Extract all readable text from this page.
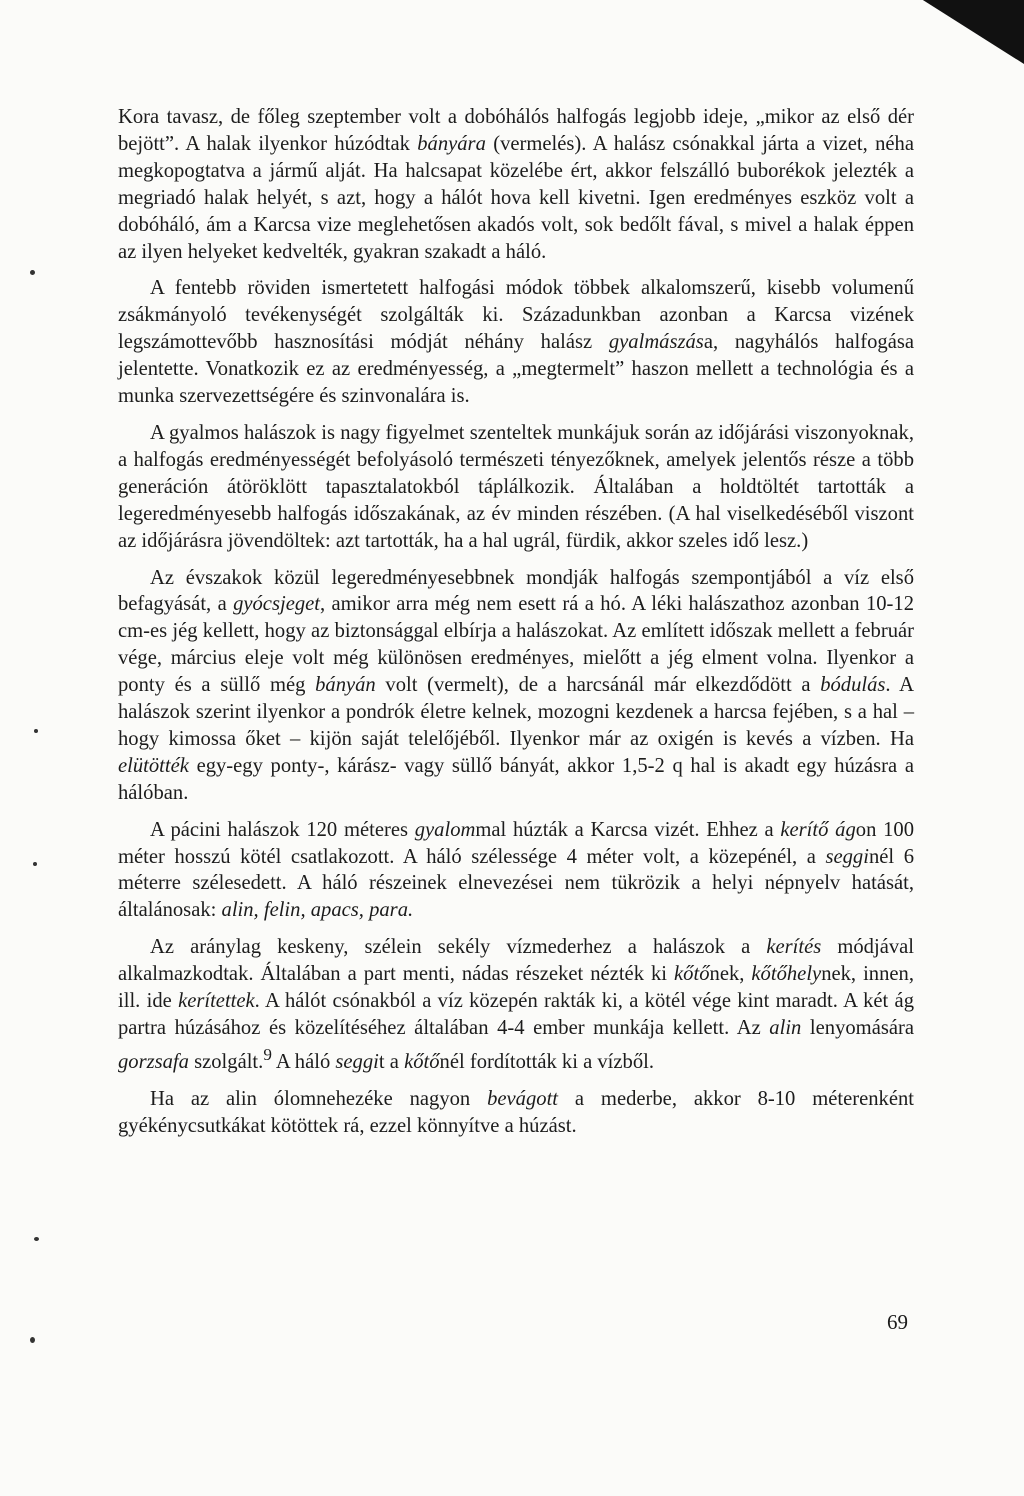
Kora tavasz, de főleg szeptember volt a dobóhálós halfogás legjobb ideje, „mikor az első dér bejött”. A halak ilyenkor húzódtak bányára (vermelés). A halász csónakkal járta a vizet, néha megkopogtatva a jármű alját. Ha halcsapat közelébe ért, akkor felszálló buborékok jelezték a megriadó halak helyét, s azt, hogy a hálót hova kell kivetni. Igen eredményes eszköz volt a dobóháló, ám a Karcsa vize meglehetősen akadós volt, sok bedőlt fával, s mivel a halak éppen az ilyen helyeket kedvelték, gyakran szakadt a háló.

A fentebb röviden ismertetett halfogási módok többek alkalomszerű, kisebb volumenű zsákmányoló tevékenységét szolgálták ki. Századunkban azonban a Karcsa vizének legszámottevőbb hasznosítási módját néhány halász gyalmászása, nagyhálós halfogása jelentette. Vonatkozik ez az eredményesség, a „megtermelt” haszon mellett a technológia és a munka szervezettségére és szinvonalára is.

A gyalmos halászok is nagy figyelmet szenteltek munkájuk során az időjárási viszonyoknak, a halfogás eredményességét befolyásoló természeti tényezőknek, amelyek jelentős része a több generáción átöröklött tapasztalatokból táplálkozik. Általában a holdtöltét tartották a legeredményesebb halfogás időszakának, az év minden részében. (A hal viselkedéséből viszont az időjárásra jövendöltek: azt tartották, ha a hal ugrál, fürdik, akkor szeles idő lesz.)

Az évszakok közül legeredményesebbnek mondják halfogás szempontjából a víz első befagyását, a gyócsjeget, amikor arra még nem esett rá a hó. A léki halászathoz azonban 10-12 cm-es jég kellett, hogy az biztonsággal elbírja a halászokat. Az említett időszak mellett a február vége, március eleje volt még különösen eredményes, mielőtt a jég elment volna. Ilyenkor a ponty és a süllő még bányán volt (vermelt), de a harcsánál már elkezdődött a bódulás. A halászok szerint ilyenkor a pondrók életre kelnek, mozogni kezdenek a harcsa fejében, s a hal – hogy kimossa őket – kijön saját telelőjéből. Ilyenkor már az oxigén is kevés a vízben. Ha elütötték egy-egy ponty-, kárász- vagy süllő bányát, akkor 1,5-2 q hal is akadt egy húzásra a hálóban.

A pácini halászok 120 méteres gyalommal húzták a Karcsa vizét. Ehhez a kerítő ágon 100 méter hosszú kötél csatlakozott. A háló szélessége 4 méter volt, a közepénél, a segginél 6 méterre szélesedett. A háló részeinek elnevezései nem tükrözik a helyi népnyelv hatását, általánosak: alin, felin, apacs, para.

Az aránylag keskeny, szélein sekély vízmederhez a halászok a kerítés módjával alkalmazkodtak. Általában a part menti, nádas részeket nézték ki kőtőnek, kőtőhelynek, innen, ill. ide kerítettek. A hálót csónakból a víz közepén rakták ki, a kötél vége kint maradt. A két ág partra húzásához és közelítéséhez általában 4-4 ember munkája kellett. Az alin lenyomására gorzsafa szolgált.$^9$ A háló seggit a kőtőnél fordították ki a vízből.

Ha az alin ólomnehezéke nagyon bevágott a mederbe, akkor 8-10 méterenként gyékénycsutkákat kötöttek rá, ezzel könnyítve a húzást.

69
